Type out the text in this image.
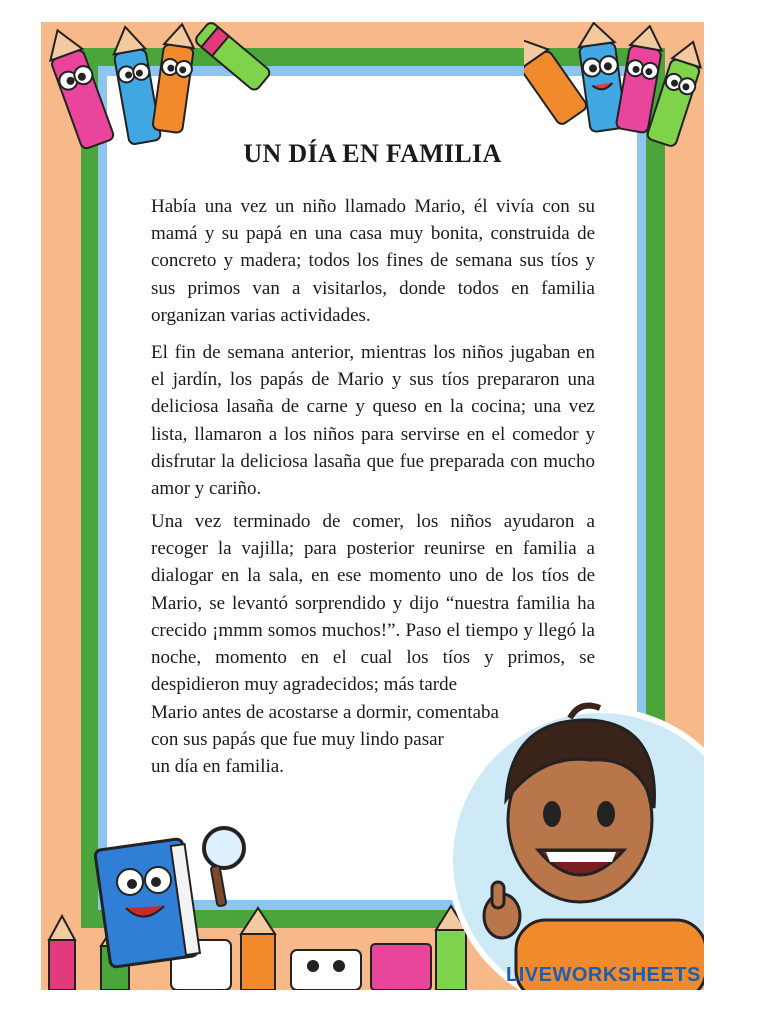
UN DÍA EN FAMILIA

Había una vez un niño llamado Mario, él vivía con su mamá y su papá en una casa muy bonita, construida de concreto y madera; todos los fines de semana sus tíos y sus primos van a visitarlos, donde todos en familia organizan varias actividades.

El fin de semana anterior, mientras los niños jugaban en el jardín, los papás de Mario y sus tíos prepararon una deliciosa lasaña de carne y queso en la cocina; una vez lista, llamaron a los niños para servirse en el comedor y disfrutar la deliciosa lasaña que fue preparada con mucho amor y cariño.

Una vez terminado de comer, los niños ayudaron a recoger la vajilla; para posterior reunirse en familia a dialogar en la sala, en ese momento uno de los tíos de Mario, se levantó sorprendido y dijo “nuestra familia ha crecido ¡mmm somos muchos!”. Paso el tiempo y llegó la noche, momento en el cual los tíos y primos, se despidieron muy agradecidos; más tarde

Mario antes de acostarse a dormir, comentaba
con sus papás que fue muy lindo pasar
un día en familia.
LIVEWORKSHEETS
